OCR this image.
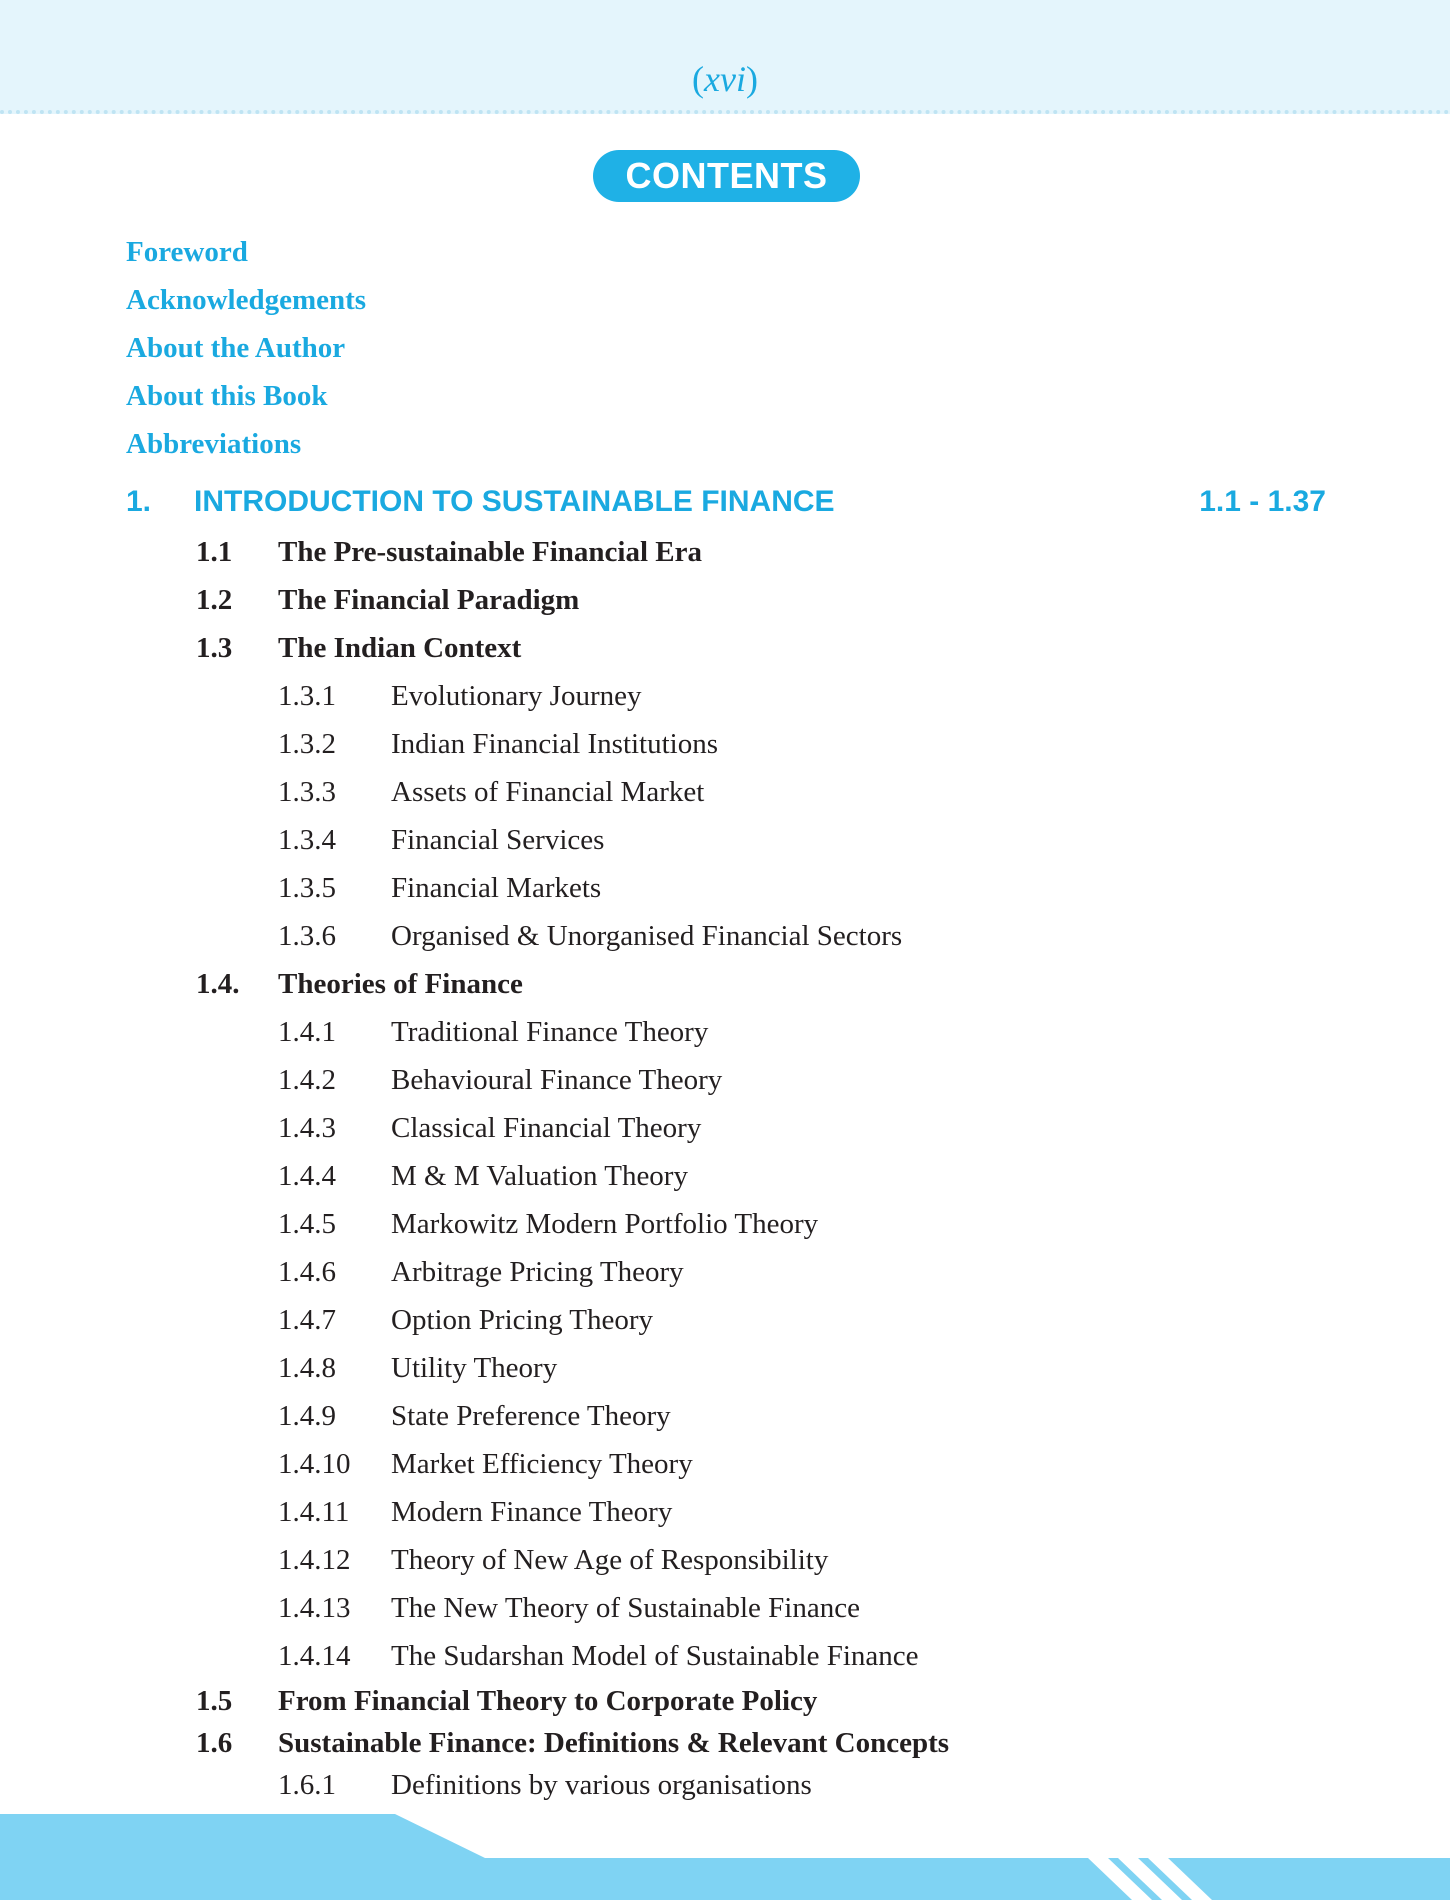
(xvi)
CONTENTS
Foreword
Acknowledgements
About the Author
About this Book
Abbreviations
1. INTRODUCTION TO SUSTAINABLE FINANCE	1.1 - 1.37
1.1 The Pre-sustainable Financial Era
1.2 The Financial Paradigm
1.3 The Indian Context
1.3.1 Evolutionary Journey
1.3.2 Indian Financial Institutions
1.3.3 Assets of Financial Market
1.3.4 Financial Services
1.3.5 Financial Markets
1.3.6 Organised & Unorganised Financial Sectors
1.4. Theories of Finance
1.4.1 Traditional Finance Theory
1.4.2 Behavioural Finance Theory
1.4.3 Classical Financial Theory
1.4.4 M & M Valuation Theory
1.4.5 Markowitz Modern Portfolio Theory
1.4.6 Arbitrage Pricing Theory
1.4.7 Option Pricing Theory
1.4.8 Utility Theory
1.4.9 State Preference Theory
1.4.10 Market Efficiency Theory
1.4.11 Modern Finance Theory
1.4.12 Theory of New Age of Responsibility
1.4.13 The New Theory of Sustainable Finance
1.4.14 The Sudarshan Model of Sustainable Finance
1.5 From Financial Theory to Corporate Policy
1.6 Sustainable Finance: Definitions & Relevant Concepts
1.6.1 Definitions by various organisations
